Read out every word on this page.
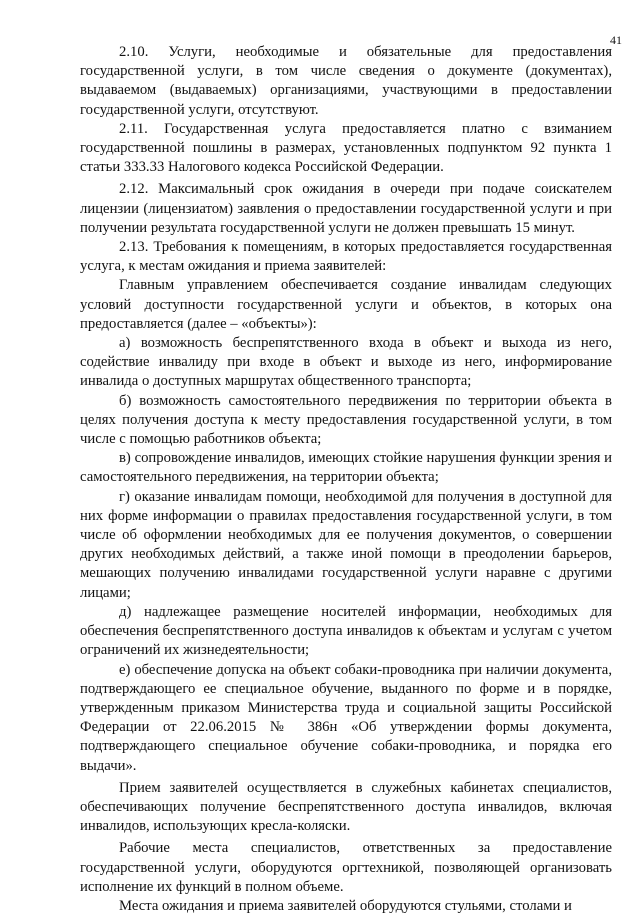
41

2.10. Услуги, необходимые и обязательные для предоставления государственной услуги, в том числе сведения о документе (документах), выдаваемом (выдаваемых) организациями, участвующими в предоставлении государственной услуги, отсутствуют.

2.11. Государственная услуга предоставляется платно с взиманием государственной пошлины в размерах, установленных подпунктом 92 пункта 1 статьи 333.33 Налогового кодекса Российской Федерации.

2.12. Максимальный срок ожидания в очереди при подаче соискателем лицензии (лицензиатом) заявления о предоставлении государственной услуги и при получении результата государственной услуги не должен превышать 15 минут.

2.13. Требования к помещениям, в которых предоставляется государственная услуга, к местам ожидания и приема заявителей:

Главным управлением обеспечивается создание инвалидам следующих условий доступности государственной услуги и объектов, в которых она предоставляется (далее – «объекты»):

а) возможность беспрепятственного входа в объект и выхода из него, содействие инвалиду при входе в объект и выходе из него, информирование инвалида о доступных маршрутах общественного транспорта;

б) возможность самостоятельного передвижения по территории объекта в целях получения доступа к месту предоставления государственной услуги, в том числе с помощью работников объекта;

в) сопровождение инвалидов, имеющих стойкие нарушения функции зрения и самостоятельного передвижения, на территории объекта;

г) оказание инвалидам помощи, необходимой для получения в доступной для них форме информации о правилах предоставления государственной услуги, в том числе об оформлении необходимых для ее получения документов, о совершении других необходимых действий, а также иной помощи в преодолении барьеров, мешающих получению инвалидами государственной услуги наравне с другими лицами;

д) надлежащее размещение носителей информации, необходимых для обеспечения беспрепятственного доступа инвалидов к объектам и услугам с учетом ограничений их жизнедеятельности;

е) обеспечение допуска на объект собаки-проводника при наличии документа, подтверждающего ее специальное обучение, выданного по форме и в порядке, утвержденным приказом Министерства труда и социальной защиты Российской Федерации от 22.06.2015 № 386н «Об утверждении формы документа, подтверждающего специальное обучение собаки-проводника, и порядка его выдачи».

Прием заявителей осуществляется в служебных кабинетах специалистов, обеспечивающих получение беспрепятственного доступа инвалидов, включая инвалидов, использующих кресла-коляски.

Рабочие места специалистов, ответственных за предоставление государственной услуги, оборудуются оргтехникой, позволяющей организовать исполнение их функций в полном объеме.

Места ожидания и приема заявителей оборудуются стульями, столами и
